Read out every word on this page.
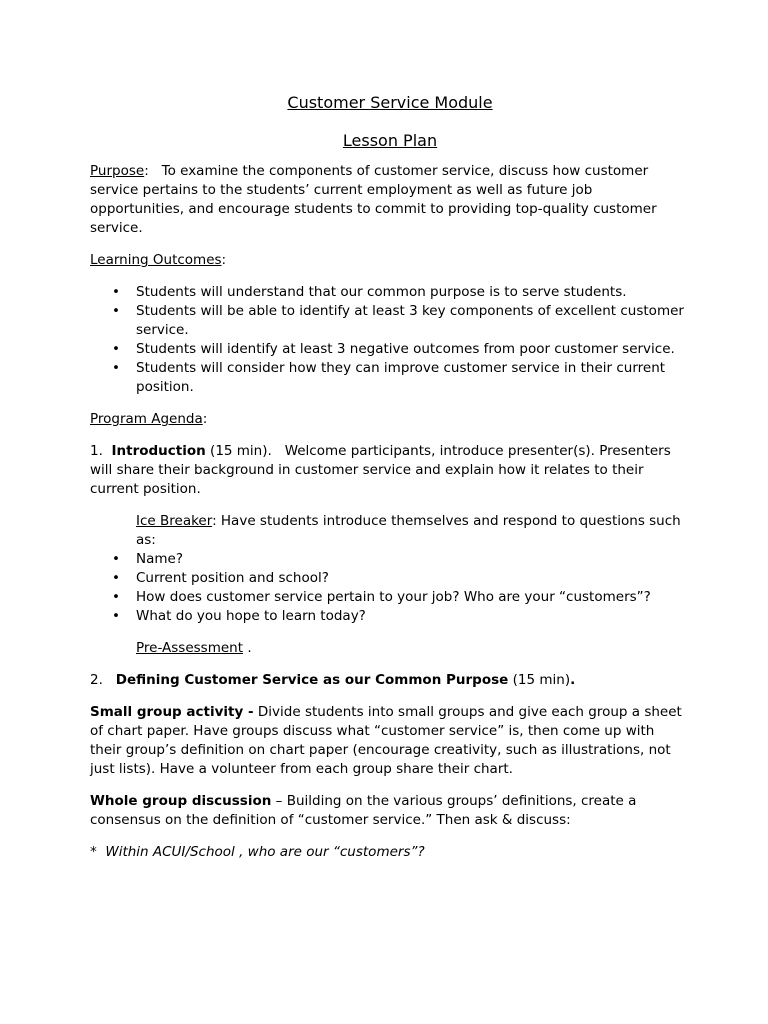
Customer Service Module

Lesson Plan

Purpose: To examine the components of customer service, discuss how customer service pertains to the students’ current employment as well as future job opportunities, and encourage students to commit to providing top-quality customer service.

Learning Outcomes:

• Students will understand that our common purpose is to serve students.
• Students will be able to identify at least 3 key components of excellent customer service.
• Students will identify at least 3 negative outcomes from poor customer service.
• Students will consider how they can improve customer service in their current position.

Program Agenda:

1. Introduction (15 min). Welcome participants, introduce presenter(s). Presenters will share their background in customer service and explain how it relates to their current position.

Ice Breaker: Have students introduce themselves and respond to questions such as:

• Name?
• Current position and school?
• How does customer service pertain to your job? Who are your “customers”?
• What do you hope to learn today?

Pre-Assessment .

2. Defining Customer Service as our Common Purpose (15 min).

Small group activity - Divide students into small groups and give each group a sheet of chart paper. Have groups discuss what “customer service” is, then come up with their group’s definition on chart paper (encourage creativity, such as illustrations, not just lists). Have a volunteer from each group share their chart.

Whole group discussion – Building on the various groups’ definitions, create a consensus on the definition of “customer service.” Then ask & discuss:

* Within ACUI/School , who are our “customers”?
